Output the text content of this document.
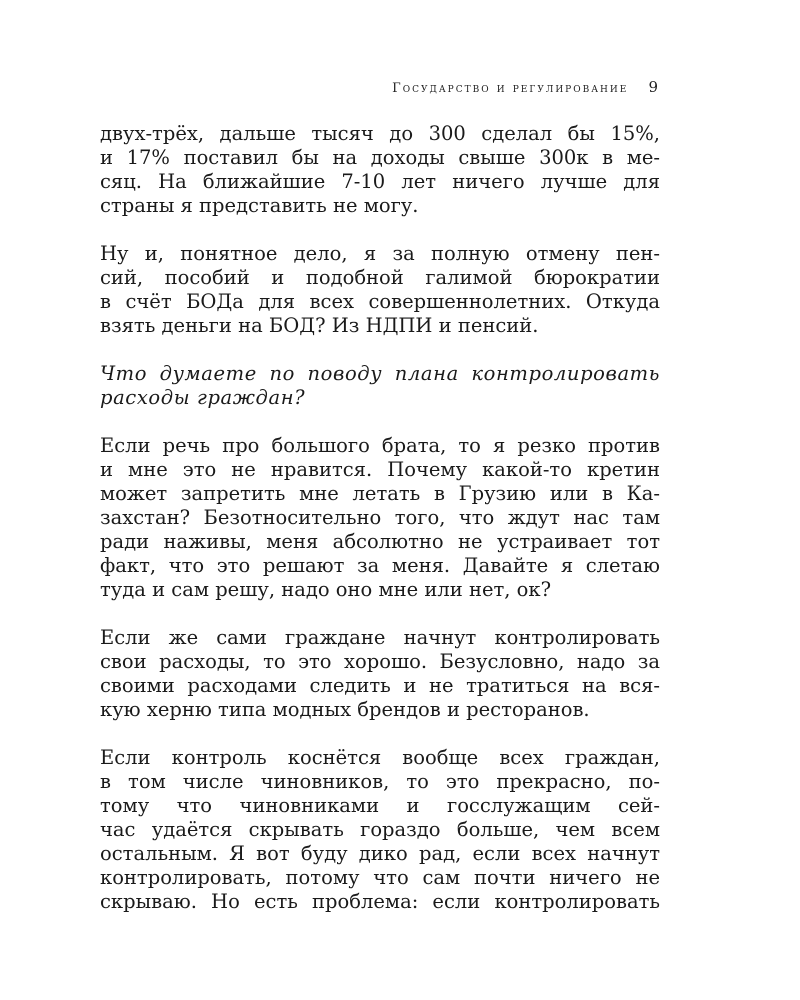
Государство и регулирование 9
двух-трёх, дальше тысяч до 300 сделал бы 15%,
и 17% поставил бы на доходы свыше 300к в ме-
сяц. На ближайшие 7-10 лет ничего лучше для
страны я представить не могу.
Ну и, понятное дело, я за полную отмену пен-
сий, пособий и подобной галимой бюрократии
в счёт БОДа для всех совершеннолетних. Откуда
взять деньги на БОД? Из НДПИ и пенсий.
Что думаете по поводу плана контролировать
расходы граждан?
Если речь про большого брата, то я резко против
и мне это не нравится. Почему какой-то кретин
может запретить мне летать в Грузию или в Ка-
захстан? Безотносительно того, что ждут нас там
ради наживы, меня абсолютно не устраивает тот
факт, что это решают за меня. Давайте я слетаю
туда и сам решу, надо оно мне или нет, ок?
Если же сами граждане начнут контролировать
свои расходы, то это хорошо. Безусловно, надо за
своими расходами следить и не тратиться на вся-
кую херню типа модных брендов и ресторанов.
Если контроль коснётся вообще всех граждан,
в том числе чиновников, то это прекрасно, по-
тому что чиновниками и госслужащим сей-
час удаётся скрывать гораздо больше, чем всем
остальным. Я вот буду дико рад, если всех начнут
контролировать, потому что сам почти ничего не
скрываю. Но есть проблема: если контролировать
